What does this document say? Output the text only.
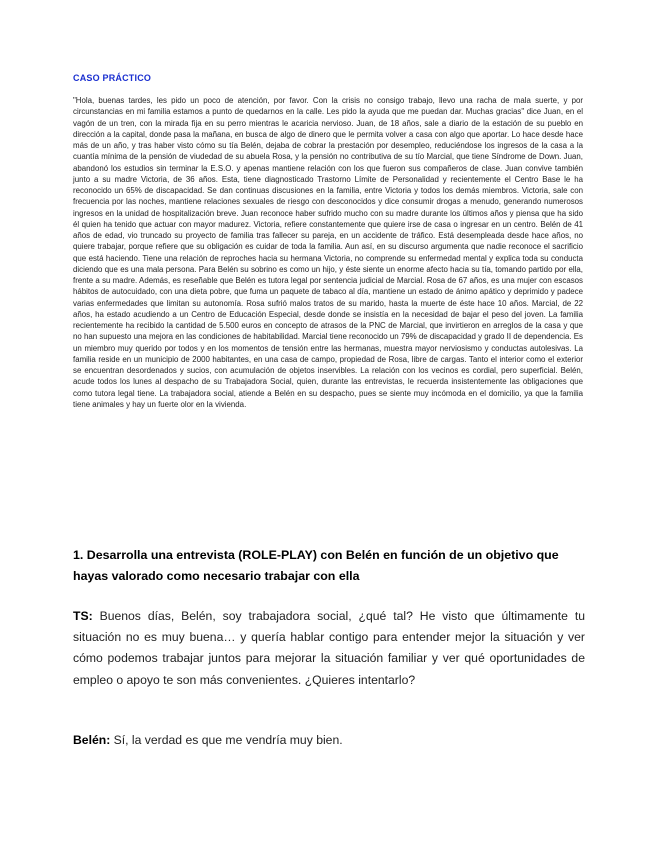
CASO PRÁCTICO

"Hola, buenas tardes, les pido un poco de atención, por favor. Con la crisis no consigo trabajo, llevo una racha de mala suerte, y por circunstancias en mi familia estamos a punto de quedarnos en la calle. Les pido la ayuda que me puedan dar. Muchas gracias" dice Juan, en el vagón de un tren, con la mirada fija en su perro mientras le acaricia nervioso. Juan, de 18 años, sale a diario de la estación de su pueblo en dirección a la capital, donde pasa la mañana, en busca de algo de dinero que le permita volver a casa con algo que aportar. Lo hace desde hace más de un año, y tras haber visto cómo su tía Belén, dejaba de cobrar la prestación por desempleo, reduciéndose los ingresos de la casa a la cuantía mínima de la pensión de viudedad de su abuela Rosa, y la pensión no contributiva de su tío Marcial, que tiene Síndrome de Down. Juan, abandonó los estudios sin terminar la E.S.O. y apenas mantiene relación con los que fueron sus compañeros de clase. Juan convive también junto a su madre Victoria, de 36 años. Esta, tiene diagnosticado Trastorno Límite de Personalidad y recientemente el Centro Base le ha reconocido un 65% de discapacidad. Se dan continuas discusiones en la familia, entre Victoria y todos los demás miembros. Victoria, sale con frecuencia por las noches, mantiene relaciones sexuales de riesgo con desconocidos y dice consumir drogas a menudo, generando numerosos ingresos en la unidad de hospitalización breve. Juan reconoce haber sufrido mucho con su madre durante los últimos años y piensa que ha sido él quien ha tenido que actuar con mayor madurez. Victoria, refiere constantemente que quiere irse de casa o ingresar en un centro. Belén de 41 años de edad, vio truncado su proyecto de familia tras fallecer su pareja, en un accidente de tráfico. Está desempleada desde hace años, no quiere trabajar, porque refiere que su obligación es cuidar de toda la familia. Aun así, en su discurso argumenta que nadie reconoce el sacrificio que está haciendo. Tiene una relación de reproches hacia su hermana Victoria, no comprende su enfermedad mental y explica toda su conducta diciendo que es una mala persona. Para Belén su sobrino es como un hijo, y éste siente un enorme afecto hacia su tía, tomando partido por ella, frente a su madre. Además, es reseñable que Belén es tutora legal por sentencia judicial de Marcial. Rosa de 67 años, es una mujer con escasos hábitos de autocuidado, con una dieta pobre, que fuma un paquete de tabaco al día, mantiene un estado de ánimo apático y deprimido y padece varias enfermedades que limitan su autonomía. Rosa sufrió malos tratos de su marido, hasta la muerte de éste hace 10 años. Marcial, de 22 años, ha estado acudiendo a un Centro de Educación Especial, desde donde se insistía en la necesidad de bajar el peso del joven. La familia recientemente ha recibido la cantidad de 5.500 euros en concepto de atrasos de la PNC de Marcial, que invirtieron en arreglos de la casa y que no han supuesto una mejora en las condiciones de habitabilidad. Marcial tiene reconocido un 79% de discapacidad y grado II de dependencia. Es un miembro muy querido por todos y en los momentos de tensión entre las hermanas, muestra mayor nerviosismo y conductas autolesivas. La familia reside en un municipio de 2000 habitantes, en una casa de campo, propiedad de Rosa, libre de cargas. Tanto el interior como el exterior se encuentran desordenados y sucios, con acumulación de objetos inservibles. La relación con los vecinos es cordial, pero superficial. Belén, acude todos los lunes al despacho de su Trabajadora Social, quien, durante las entrevistas, le recuerda insistentemente las obligaciones que como tutora legal tiene. La trabajadora social, atiende a Belén en su despacho, pues se siente muy incómoda en el domicilio, ya que la familia tiene animales y hay un fuerte olor en la vivienda.

1. Desarrolla una entrevista (ROLE-PLAY) con Belén en función de un objetivo que hayas valorado como necesario trabajar con ella

TS: Buenos días, Belén, soy trabajadora social, ¿qué tal? He visto que últimamente tu situación no es muy buena… y quería hablar contigo para entender mejor la situación y ver cómo podemos trabajar juntos para mejorar la situación familiar y ver qué oportunidades de empleo o apoyo te son más convenientes. ¿Quieres intentarlo?

Belén: Sí, la verdad es que me vendría muy bien.
